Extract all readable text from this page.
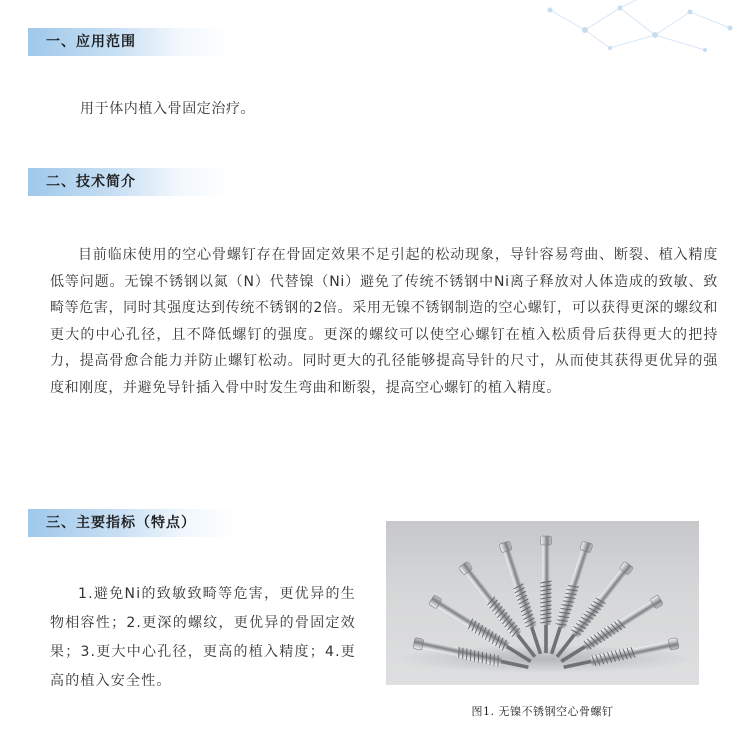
一、应用范围
用于体内植入骨固定治疗。
二、技术简介
目前临床使用的空心骨螺钉存在骨固定效果不足引起的松动现象，导针容易弯曲、断裂、植入精度低等问题。无镍不锈钢以氮（N）代替镍（Ni）避免了传统不锈钢中Ni离子释放对人体造成的致敏、致畸等危害，同时其强度达到传统不锈钢的2倍。采用无镍不锈钢制造的空心螺钉，可以获得更深的螺纹和更大的中心孔径，且不降低螺钉的强度。更深的螺纹可以使空心螺钉在植入松质骨后获得更大的把持力，提高骨愈合能力并防止螺钉松动。同时更大的孔径能够提高导针的尺寸，从而使其获得更优异的强度和刚度，并避免导针插入骨中时发生弯曲和断裂，提高空心螺钉的植入精度。
三、主要指标（特点）
1.避免Ni的致敏致畸等危害，更优异的生物相容性；2.更深的螺纹，更优异的骨固定效果；3.更大中心孔径，更高的植入精度；4.更高的植入安全性。
图1. 无镍不锈钢空心骨螺钉
